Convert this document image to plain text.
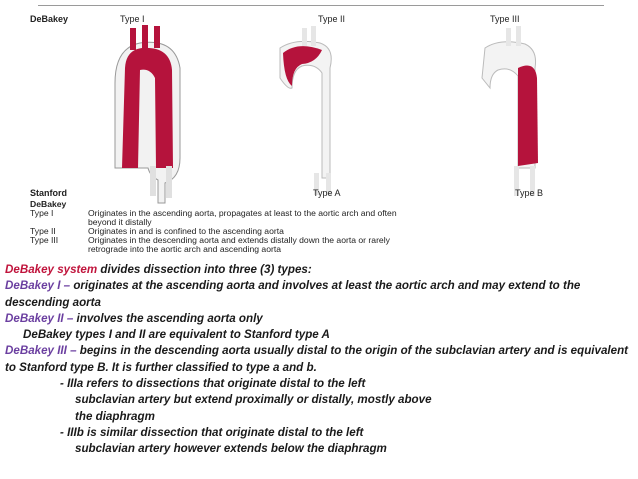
DeBakey	Type I	Type II	Type III
Stanford	Type A	Type B
DeBakey
Type I	Originates in the ascending aorta, propagates at least to the aortic arch and often
beyond it distally
Type II	Originates in and is confined to the ascending aorta
Type III	Originates in the descending aorta and extends distally down the aorta or rarely
retrograde into the aortic arch and ascending aorta

DeBakey system divides dissection into three (3) types:

DeBakey I – originates at the ascending aorta and involves at least the aortic arch and may extend to the descending aorta

DeBakey II – involves the ascending aorta only

DeBakey types I and II are equivalent to Stanford type A

DeBakey III – begins in the descending aorta usually distal to the origin of the subclavian artery and is equivalent to Stanford type B. It is further classified to type a and b.

- IIIa refers to dissections that originate distal to the left

subclavian artery but extend proximally or distally, mostly above

the diaphragm

- IIIb is similar dissection that originate distal to the left

subclavian artery however extends below the diaphragm
